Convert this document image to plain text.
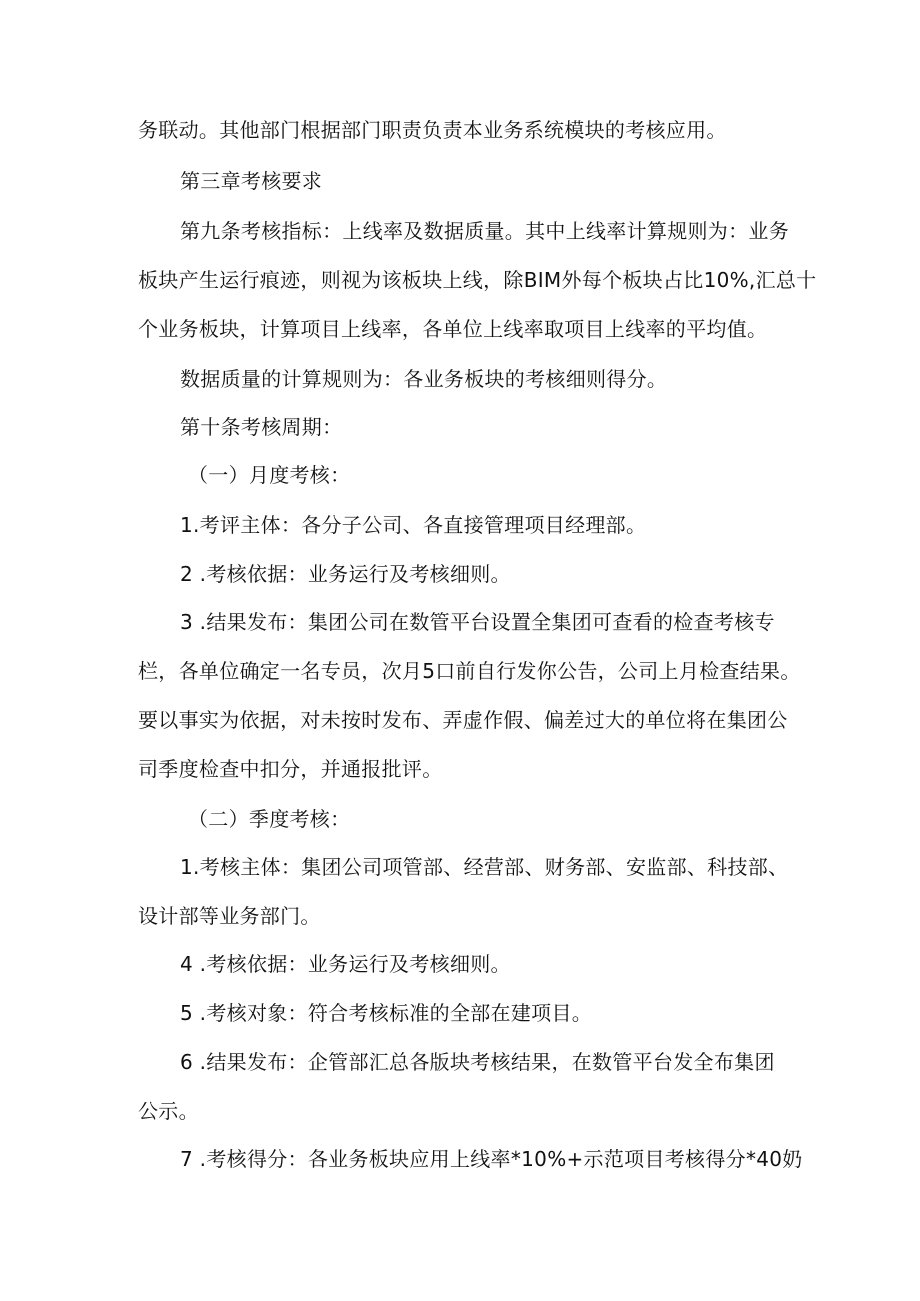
务联动。其他部门根据部门职责负责本业务系统模块的考核应用。
第三章考核要求
第九条考核指标：上线率及数据质量。其中上线率计算规则为：业务
板块产生运行痕迹，则视为该板块上线，除BIM外每个板块占比10%,汇总十
个业务板块，计算项目上线率，各单位上线率取项目上线率的平均值。
数据质量的计算规则为：各业务板块的考核细则得分。
第十条考核周期：
（一）月度考核：
1.考评主体：各分子公司、各直接管理项目经理部。
2 .考核依据：业务运行及考核细则。
3 .结果发布：集团公司在数管平台设置全集团可查看的检查考核专
栏，各单位确定一名专员，次月5口前自行发你公告，公司上月检查结果。
要以事实为依据，对未按时发布、弄虚作假、偏差过大的单位将在集团公
司季度检查中扣分，并通报批评。
（二）季度考核：
1.考核主体：集团公司项管部、经营部、财务部、安监部、科技部、
设计部等业务部门。
4 .考核依据：业务运行及考核细则。
5 .考核对象：符合考核标准的全部在建项目。
6 .结果发布：企管部汇总各版块考核结果，在数管平台发全布集团
公示。
7 .考核得分：各业务板块应用上线率*10%+示范项目考核得分*40奶
